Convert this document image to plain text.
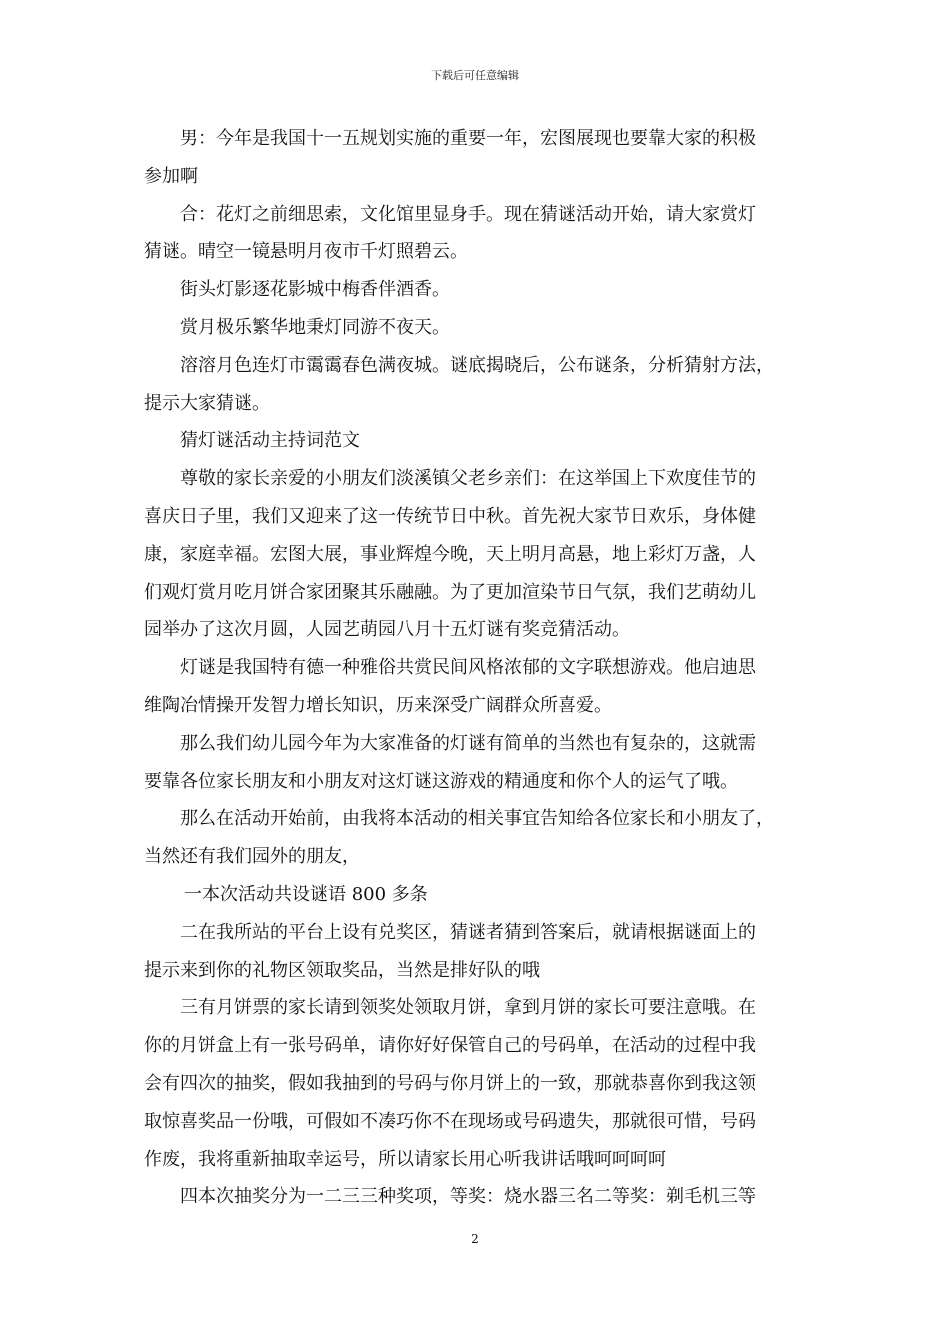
下载后可任意编辑
男：今年是我国十一五规划实施的重要一年，宏图展现也要靠大家的积极
参加啊
合：花灯之前细思索，文化馆里显身手。现在猜谜活动开始，请大家赏灯
猜谜。晴空一镜悬明月夜市千灯照碧云。
街头灯影逐花影城中梅香伴酒香。
赏月极乐繁华地秉灯同游不夜天。
溶溶月色连灯市霭霭春色满夜城。谜底揭晓后，公布谜条，分析猜射方法，
提示大家猜谜。
猜灯谜活动主持词范文
尊敬的家长亲爱的小朋友们淡溪镇父老乡亲们：在这举国上下欢度佳节的
喜庆日子里，我们又迎来了这一传统节日中秋。首先祝大家节日欢乐，身体健
康，家庭幸福。宏图大展，事业辉煌今晚，天上明月高悬，地上彩灯万盏，人
们观灯赏月吃月饼合家团聚其乐融融。为了更加渲染节日气氛，我们艺萌幼儿
园举办了这次月圆，人园艺萌园八月十五灯谜有奖竞猜活动。
灯谜是我国特有德一种雅俗共赏民间风格浓郁的文字联想游戏。他启迪思
维陶冶情操开发智力增长知识，历来深受广阔群众所喜爱。
那么我们幼儿园今年为大家准备的灯谜有简单的当然也有复杂的，这就需
要靠各位家长朋友和小朋友对这灯谜这游戏的精通度和你个人的运气了哦。
那么在活动开始前，由我将本活动的相关事宜告知给各位家长和小朋友了，
当然还有我们园外的朋友，
一本次活动共设谜语 800 多条
二在我所站的平台上设有兑奖区，猜谜者猜到答案后，就请根据谜面上的
提示来到你的礼物区领取奖品，当然是排好队的哦
三有月饼票的家长请到领奖处领取月饼，拿到月饼的家长可要注意哦。在
你的月饼盒上有一张号码单，请你好好保管自己的号码单，在活动的过程中我
会有四次的抽奖，假如我抽到的号码与你月饼上的一致，那就恭喜你到我这领
取惊喜奖品一份哦，可假如不凑巧你不在现场或号码遗失，那就很可惜，号码
作废，我将重新抽取幸运号，所以请家长用心听我讲话哦呵呵呵呵
四本次抽奖分为一二三三种奖项，等奖：烧水器三名二等奖：剃毛机三等
2
